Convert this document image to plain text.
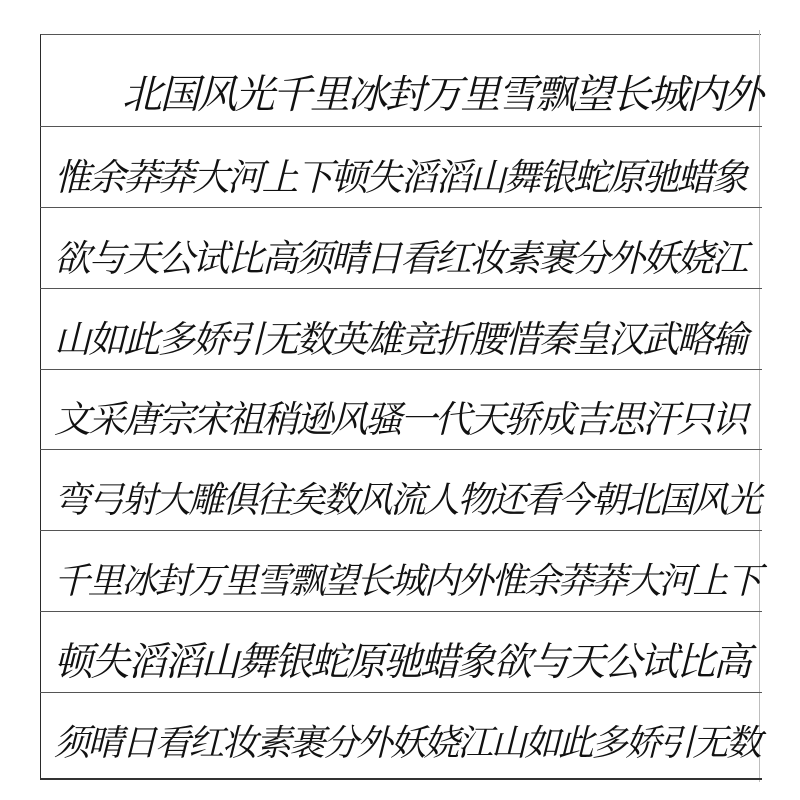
北国风光千里冰封万里雪飘望长城内外
惟余莽莽大河上下顿失滔滔山舞银蛇原驰蜡象
欲与天公试比高须晴日看红妆素裹分外妖娆江
山如此多娇引无数英雄竞折腰惜秦皇汉武略输
文采唐宗宋祖稍逊风骚一代天骄成吉思汗只识
弯弓射大雕俱往矣数风流人物还看今朝北国风光
千里冰封万里雪飘望长城内外惟余莽莽大河上下
顿失滔滔山舞银蛇原驰蜡象欲与天公试比高
须晴日看红妆素裹分外妖娆江山如此多娇引无数
